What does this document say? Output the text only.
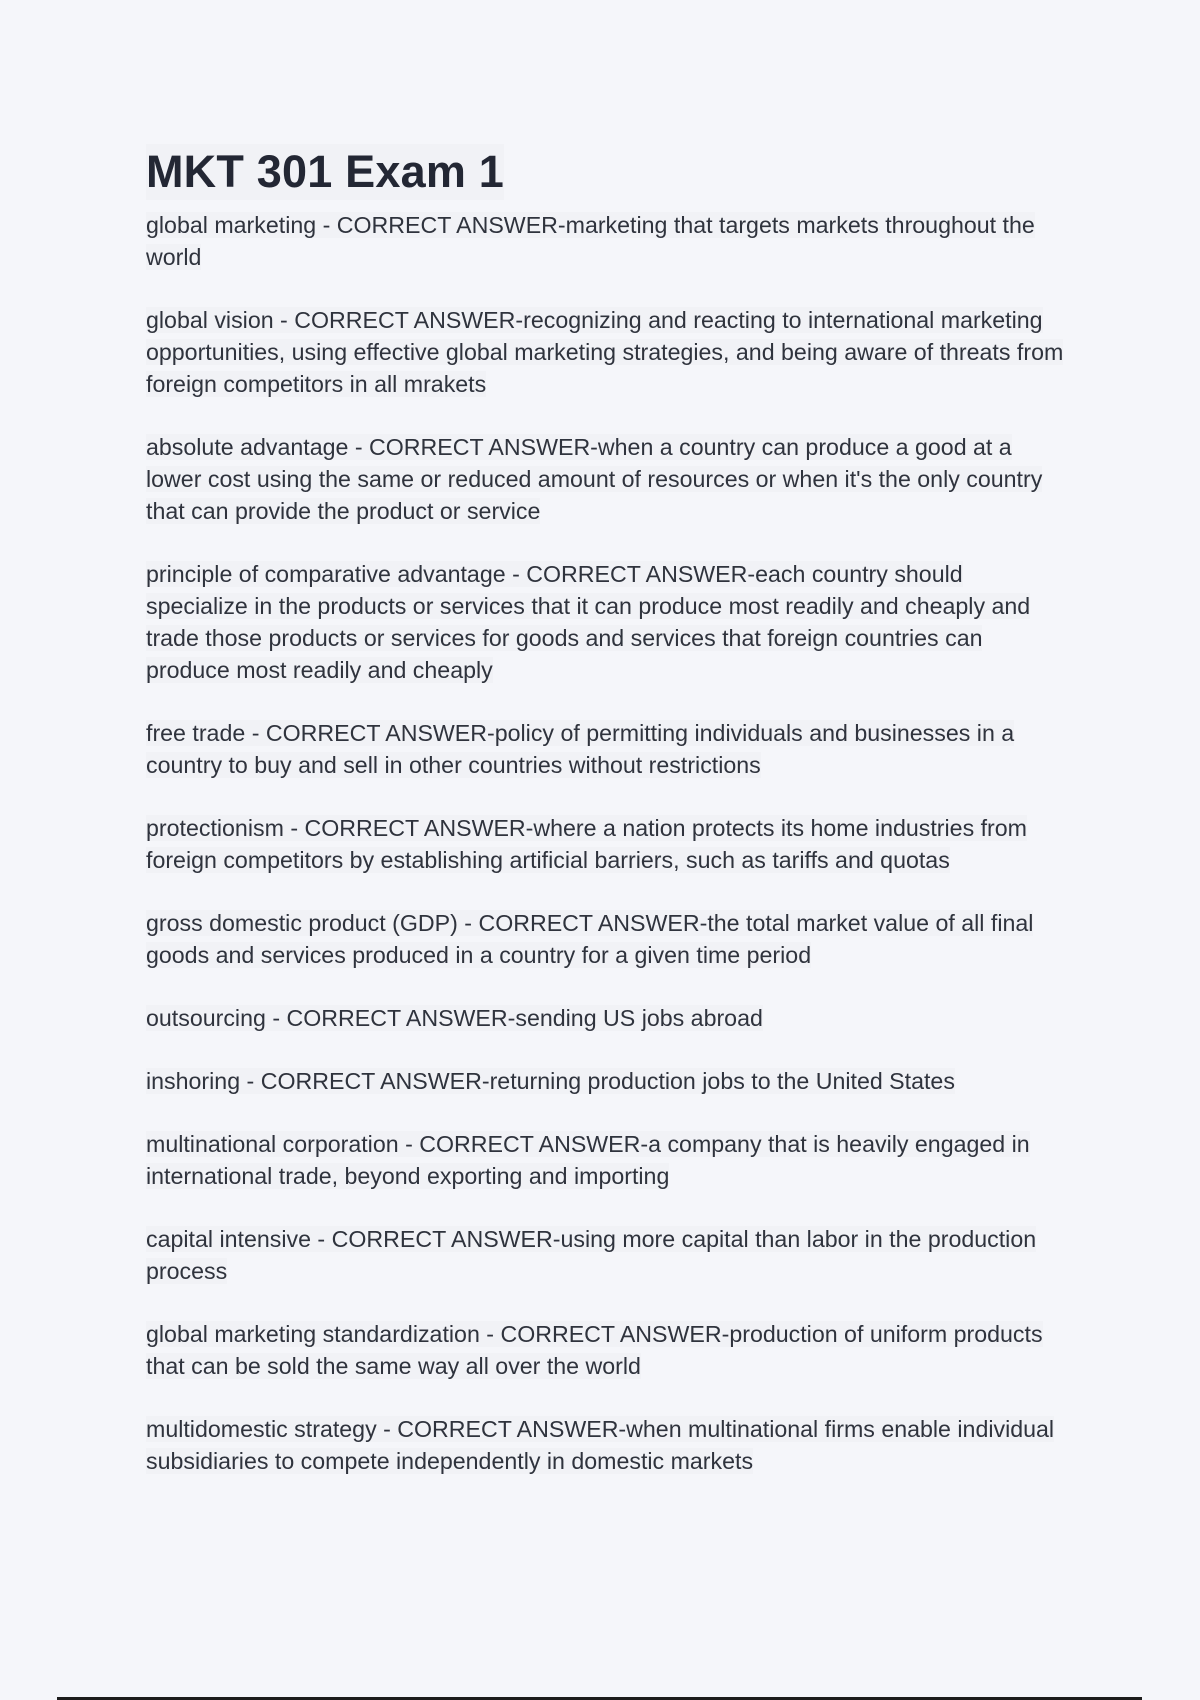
MKT 301 Exam 1

global marketing - CORRECT ANSWER-marketing that targets markets throughout the world

global vision - CORRECT ANSWER-recognizing and reacting to international marketing opportunities, using effective global marketing strategies, and being aware of threats from foreign competitors in all mrakets

absolute advantage - CORRECT ANSWER-when a country can produce a good at a lower cost using the same or reduced amount of resources or when it's the only country that can provide the product or service

principle of comparative advantage - CORRECT ANSWER-each country should specialize in the products or services that it can produce most readily and cheaply and trade those products or services for goods and services that foreign countries can produce most readily and cheaply

free trade - CORRECT ANSWER-policy of permitting individuals and businesses in a country to buy and sell in other countries without restrictions

protectionism - CORRECT ANSWER-where a nation protects its home industries from foreign competitors by establishing artificial barriers, such as tariffs and quotas

gross domestic product (GDP) - CORRECT ANSWER-the total market value of all final goods and services produced in a country for a given time period

outsourcing - CORRECT ANSWER-sending US jobs abroad

inshoring - CORRECT ANSWER-returning production jobs to the United States

multinational corporation - CORRECT ANSWER-a company that is heavily engaged in international trade, beyond exporting and importing

capital intensive - CORRECT ANSWER-using more capital than labor in the production process

global marketing standardization - CORRECT ANSWER-production of uniform products that can be sold the same way all over the world

multidomestic strategy - CORRECT ANSWER-when multinational firms enable individual subsidiaries to compete independently in domestic markets
